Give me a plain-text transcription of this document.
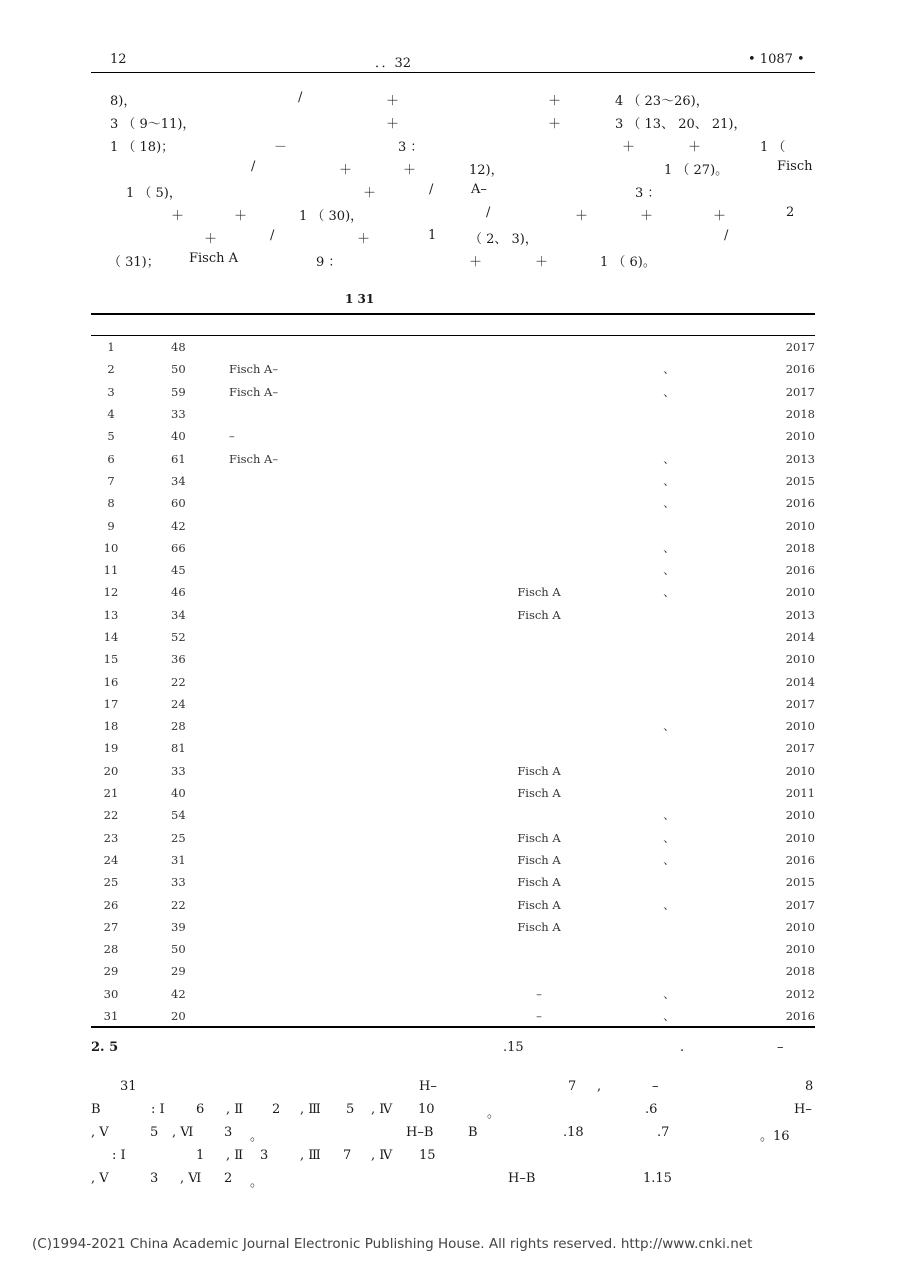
12	．．32	• 1087 •
8)，	/	＋	＋	4 （ 23～26)，
3 （ 9～11)，	＋	＋	3 （ 13、 20、 21)，
1 （ 18)；	－	3 ：	＋	＋	1 （
/	＋	＋	12)，	1 （ 27)。	Fisch
1 （ 5)，	＋	/	A–	3 ：
＋	＋	1 （ 30)，	/	＋	＋	＋	2
＋	/	＋	1	（ 2、 3)，	/
（ 31)； Fisch A	9 ：	＋	＋	1 （ 6)。
1 31
1	48				2017
2	50	Fisch A–		、	2016
3	59	Fisch A–		、	2017
4	33				2018
5	40	–			2010
6	61	Fisch A–		、	2013
7	34			、	2015
8	60			、	2016
9	42				2010
10	66			、	2018
11	45			、	2016
12	46		Fisch A	、	2010
13	34		Fisch A		2013
14	52				2014
15	36				2010
16	22				2014
17	24				2017
18	28			、	2010
19	81				2017
20	33		Fisch A		2010
21	40		Fisch A		2011
22	54			、	2010
23	25		Fisch A	、	2010
24	31		Fisch A	、	2016
25	33		Fisch A		2015
26	22		Fisch A	、	2017
27	39		Fisch A		2010
28	50				2010
29	29				2018
30	42		–	、	2012
31	20		–	、	2016
2. 5	.15	.	–
31	H–	7 ,	–	8
B	: Ⅰ 6 , Ⅱ 2 , Ⅲ 5 , Ⅳ 10	。	.6	H–
, Ⅴ	5 , Ⅵ 3 。	H–B	B	.18	.7	。16
: Ⅰ	1 , Ⅱ 3 , Ⅲ 7 , Ⅳ 15
, Ⅴ	3 , Ⅵ 2 。	H–B	1.15
(C)1994-2021 China Academic Journal Electronic Publishing House. All rights reserved. http://www.cnki.net
